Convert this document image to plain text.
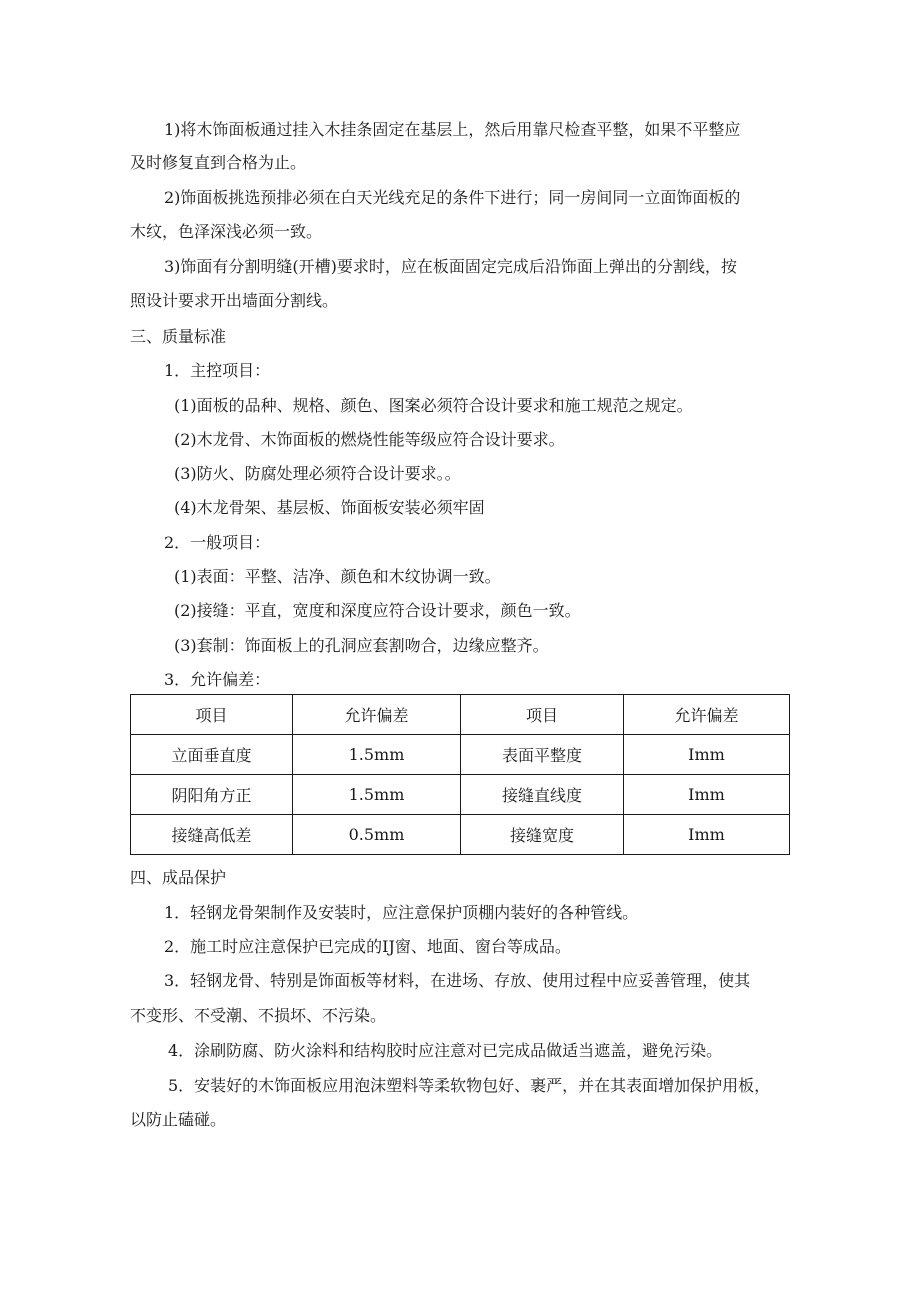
1)将木饰面板通过挂入木挂条固定在基层上，然后用靠尺检查平整，如果不平整应
及时修复直到合格为止。
2)饰面板挑选预排必须在白天光线充足的条件下进行；同一房间同一立面饰面板的
木纹，色泽深浅必须一致。
3)饰面有分割明缝(开槽)要求时，应在板面固定完成后沿饰面上弹出的分割线，按
照设计要求开出墙面分割线。
三、质量标准
1．主控项目：
(1)面板的品种、规格、颜色、图案必须符合设计要求和施工规范之规定。
(2)木龙骨、木饰面板的燃烧性能等级应符合设计要求。
(3)防火、防腐处理必须符合设计要求。。
(4)木龙骨架、基层板、饰面板安装必须牢固
2．一般项目：
(1)表面：平整、洁净、颜色和木纹协调一致。
(2)接缝：平直，宽度和深度应符合设计要求，颜色一致。
(3)套制：饰面板上的孔洞应套割吻合，边缘应整齐。
3．允许偏差：
项目	允许偏差	项目	允许偏差
立面垂直度	1.5mm	表面平整度	Imm
阴阳角方正	1.5mm	接缝直线度	Imm
接缝高低差	0.5mm	接缝宽度	Imm
四、成品保护
1．轻钢龙骨架制作及安装时，应注意保护顶棚内装好的各种管线。
2．施工时应注意保护已完成的IJ窗、地面、窗台等成品。
3．轻钢龙骨、特别是饰面板等材料，在进场、存放、使用过程中应妥善管理，使其
不变形、不受潮、不损坏、不污染。
4．涂刷防腐、防火涂料和结构胶时应注意对已完成品做适当遮盖，避免污染。
5．安装好的木饰面板应用泡沫塑料等柔软物包好、裹严，并在其表面增加保护用板，
以防止磕碰。
